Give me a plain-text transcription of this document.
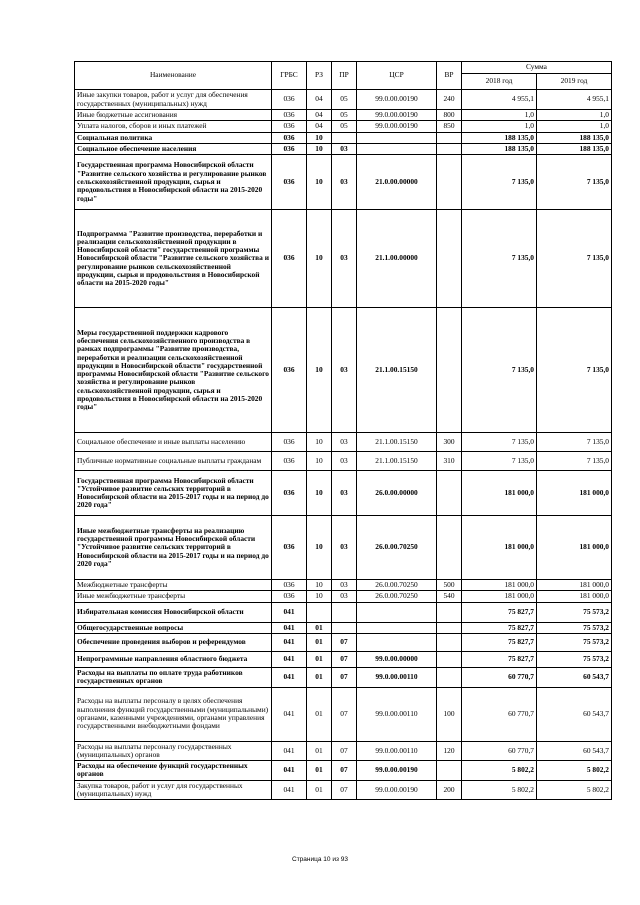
Наименование	ГРБС	РЗ	ПР	ЦСР	ВР	Сумма	
						2018 год	2019 год
Иные закупки товаров, работ и услуг для обеспечения государственных (муниципальных) нужд	036	04	05	99.0.00.00190	240	4 955,1	4 955,1
Иные бюджетные ассигнования	036	04	05	99.0.00.00190	800	1,0	1,0
Уплата налогов, сборов и иных платежей	036	04	05	99.0.00.00190	850	1,0	1,0
Социальная политика	036	10				188 135,0	188 135,0
Социальное обеспечение населения	036	10	03			188 135,0	188 135,0
Государственная программа Новосибирской области "Развитие сельского хозяйства и регулирование рынков сельскохозяйственной продукции, сырья и продовольствия в Новосибирской области на 2015-2020 годы"	036	10	03	21.0.00.00000		7 135,0	7 135,0
Подпрограмма "Развитие производства, переработки и реализации сельскохозяйственной продукции в Новосибирской области" государственной программы Новосибирской области "Развитие сельского хозяйства и регулирование рынков сельскохозяйственной продукции, сырья и продовольствия в Новосибирской области на 2015-2020 годы"	036	10	03	21.1.00.00000		7 135,0	7 135,0
Меры государственной поддержки кадрового обеспечения сельскохозяйственного производства в рамках подпрограммы "Развитие производства, переработки и реализации сельскохозяйственной продукции в Новосибирской области" государственной программы Новосибирской области "Развитие сельского хозяйства и регулирование рынков сельскохозяйственной продукции, сырья и продовольствия в Новосибирской области на 2015-2020 годы"	036	10	03	21.1.00.15150		7 135,0	7 135,0
Социальное обеспечение и иные выплаты населению	036	10	03	21.1.00.15150	300	7 135,0	7 135,0
Публичные нормативные социальные выплаты гражданам	036	10	03	21.1.00.15150	310	7 135,0	7 135,0
Государственная программа Новосибирской области "Устойчивое развитие сельских территорий в Новосибирской области на 2015-2017 годы и на период до 2020 года"	036	10	03	26.0.00.00000		181 000,0	181 000,0
Иные межбюджетные трансферты на реализацию государственной программы Новосибирской области "Устойчивое развитие сельских территорий в Новосибирской области на 2015-2017 годы и на период до 2020 года"	036	10	03	26.0.00.70250		181 000,0	181 000,0
Межбюджетные трансферты	036	10	03	26.0.00.70250	500	181 000,0	181 000,0
Иные межбюджетные трансферты	036	10	03	26.0.00.70250	540	181 000,0	181 000,0
Избирательная комиссия Новосибирской области	041					75 827,7	75 573,2
Общегосударственные вопросы	041	01				75 827,7	75 573,2
Обеспечение проведения выборов и референдумов	041	01	07			75 827,7	75 573,2
Непрограммные направления областного бюджета	041	01	07	99.0.00.00000		75 827,7	75 573,2
Расходы на выплаты по оплате труда работников государственных органов	041	01	07	99.0.00.00110		60 770,7	60 543,7
Расходы на выплаты персоналу в целях обеспечения выполнения функций государственными (муниципальными) органами, казенными учреждениями, органами управления государственными внебюджетными фондами	041	01	07	99.0.00.00110	100	60 770,7	60 543,7
Расходы на выплаты персоналу государственных (муниципальных) органов	041	01	07	99.0.00.00110	120	60 770,7	60 543,7
Расходы на обеспечение функций государственных органов	041	01	07	99.0.00.00190		5 802,2	5 802,2
Закупка товаров, работ и услуг для государственных (муниципальных) нужд	041	01	07	99.0.00.00190	200	5 802,2	5 802,2
Страница 10 из 93
